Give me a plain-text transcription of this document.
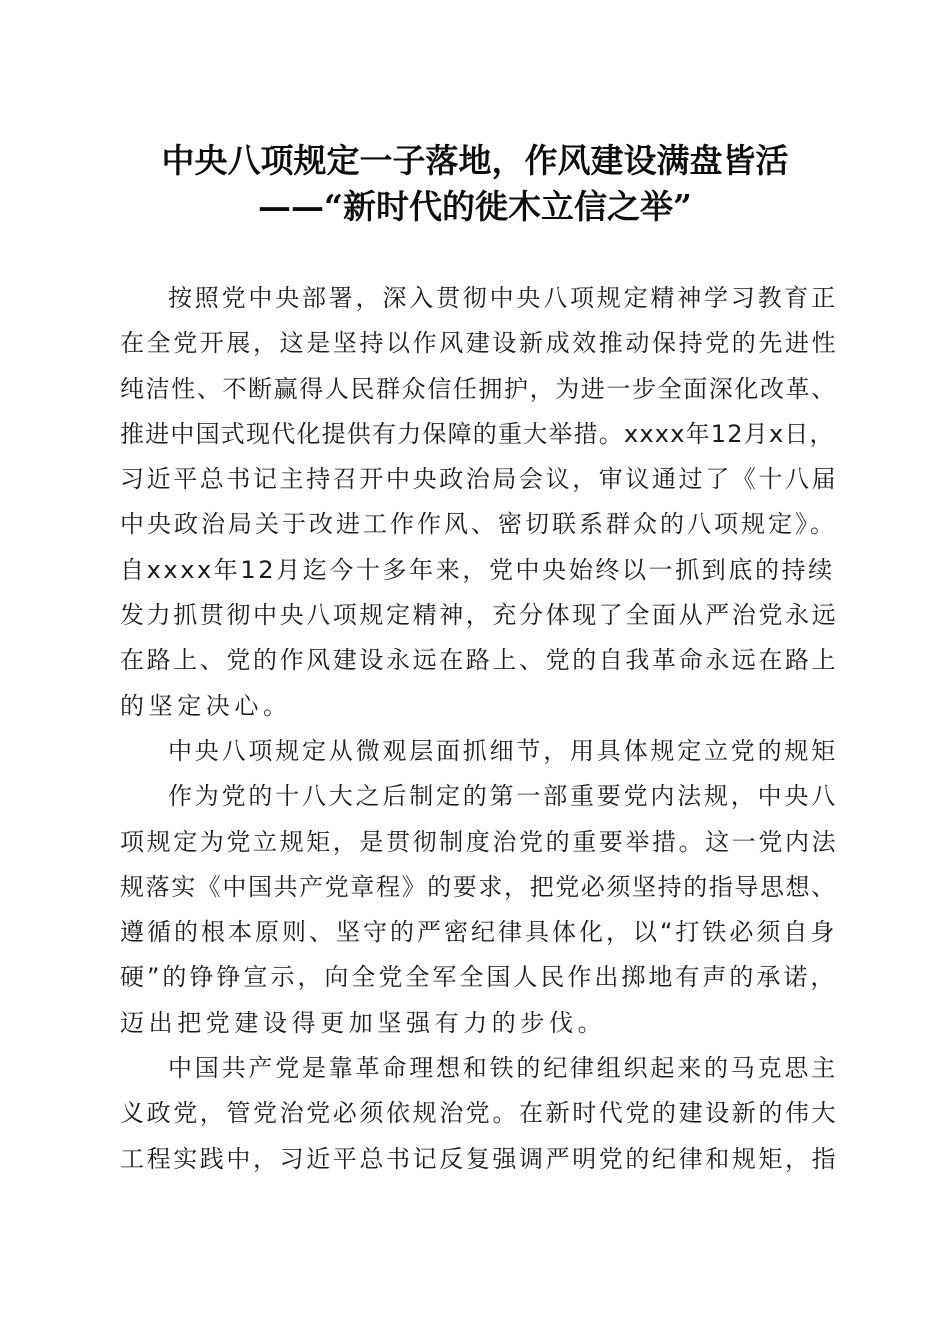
中央八项规定一子落地，作风建设满盘皆活
——“新时代的徙木立信之举”
按照党中央部署，深入贯彻中央八项规定精神学习教育正
在全党开展，这是坚持以作风建设新成效推动保持党的先进性
纯洁性、不断赢得人民群众信任拥护，为进一步全面深化改革、
推进中国式现代化提供有力保障的重大举措。xxxx年12月x日，
习近平总书记主持召开中央政治局会议，审议通过了《十八届
中央政治局关于改进工作作风、密切联系群众的八项规定》。
自xxxx年12月迄今十多年来，党中央始终以一抓到底的持续
发力抓贯彻中央八项规定精神，充分体现了全面从严治党永远
在路上、党的作风建设永远在路上、党的自我革命永远在路上
的坚定决心。
中央八项规定从微观层面抓细节，用具体规定立党的规矩
作为党的十八大之后制定的第一部重要党内法规，中央八
项规定为党立规矩，是贯彻制度治党的重要举措。这一党内法
规落实《中国共产党章程》的要求，把党必须坚持的指导思想、
遵循的根本原则、坚守的严密纪律具体化，以“打铁必须自身
硬”的铮铮宣示，向全党全军全国人民作出掷地有声的承诺，
迈出把党建设得更加坚强有力的步伐。
中国共产党是靠革命理想和铁的纪律组织起来的马克思主
义政党，管党治党必须依规治党。在新时代党的建设新的伟大
工程实践中，习近平总书记反复强调严明党的纪律和规矩，指
